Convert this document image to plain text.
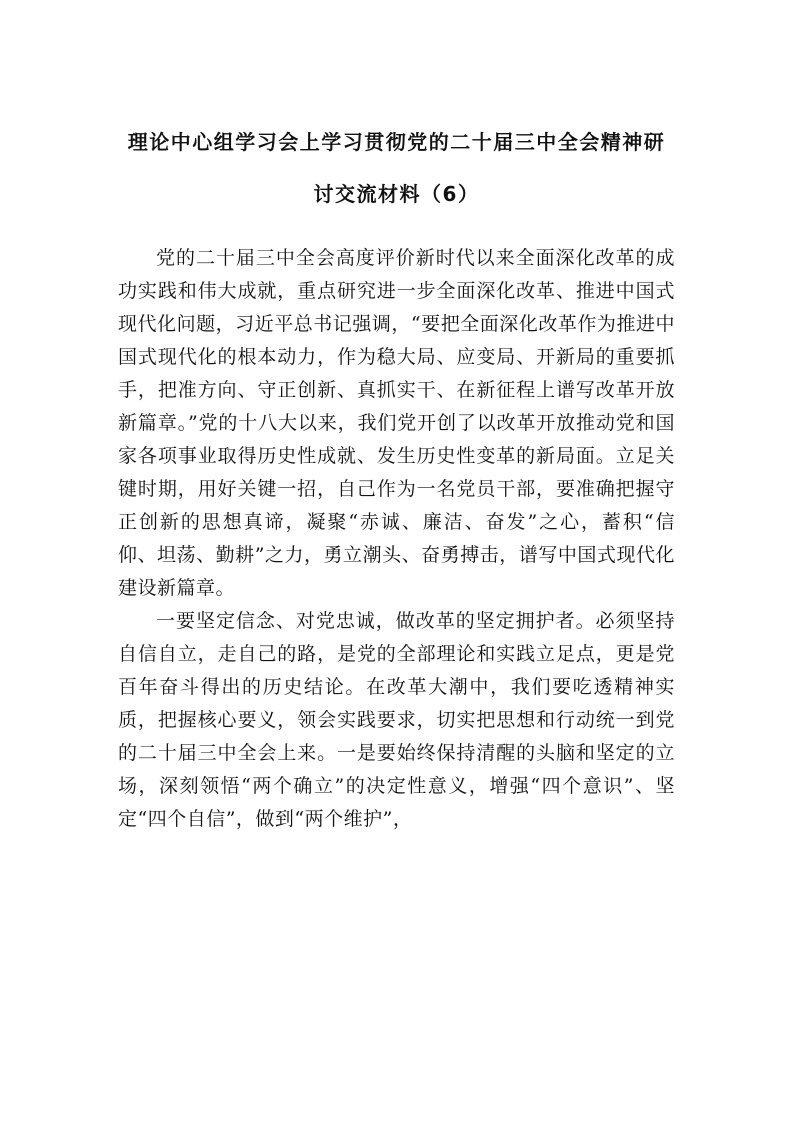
理论中心组学习会上学习贯彻党的二十届三中全会精神研
讨交流材料（6）

党的二十届三中全会高度评价新时代以来全面深化改革的成功实践和伟大成就，重点研究进一步全面深化改革、推进中国式现代化问题，习近平总书记强调，“要把全面深化改革作为推进中国式现代化的根本动力，作为稳大局、应变局、开新局的重要抓手，把准方向、守正创新、真抓实干、在新征程上谱写改革开放新篇章。”党的十八大以来，我们党开创了以改革开放推动党和国家各项事业取得历史性成就、发生历史性变革的新局面。立足关键时期，用好关键一招，自己作为一名党员干部，要准确把握守正创新的思想真谛，凝聚“赤诚、廉洁、奋发”之心，蓄积“信仰、坦荡、勤耕”之力，勇立潮头、奋勇搏击，谱写中国式现代化建设新篇章。

一要坚定信念、对党忠诚，做改革的坚定拥护者。必须坚持自信自立，走自己的路，是党的全部理论和实践立足点，更是党百年奋斗得出的历史结论。在改革大潮中，我们要吃透精神实质，把握核心要义，领会实践要求，切实把思想和行动统一到党的二十届三中全会上来。一是要始终保持清醒的头脑和坚定的立场，深刻领悟“两个确立”的决定性意义，增强“四个意识”、坚定“四个自信”，做到“两个维护”，
